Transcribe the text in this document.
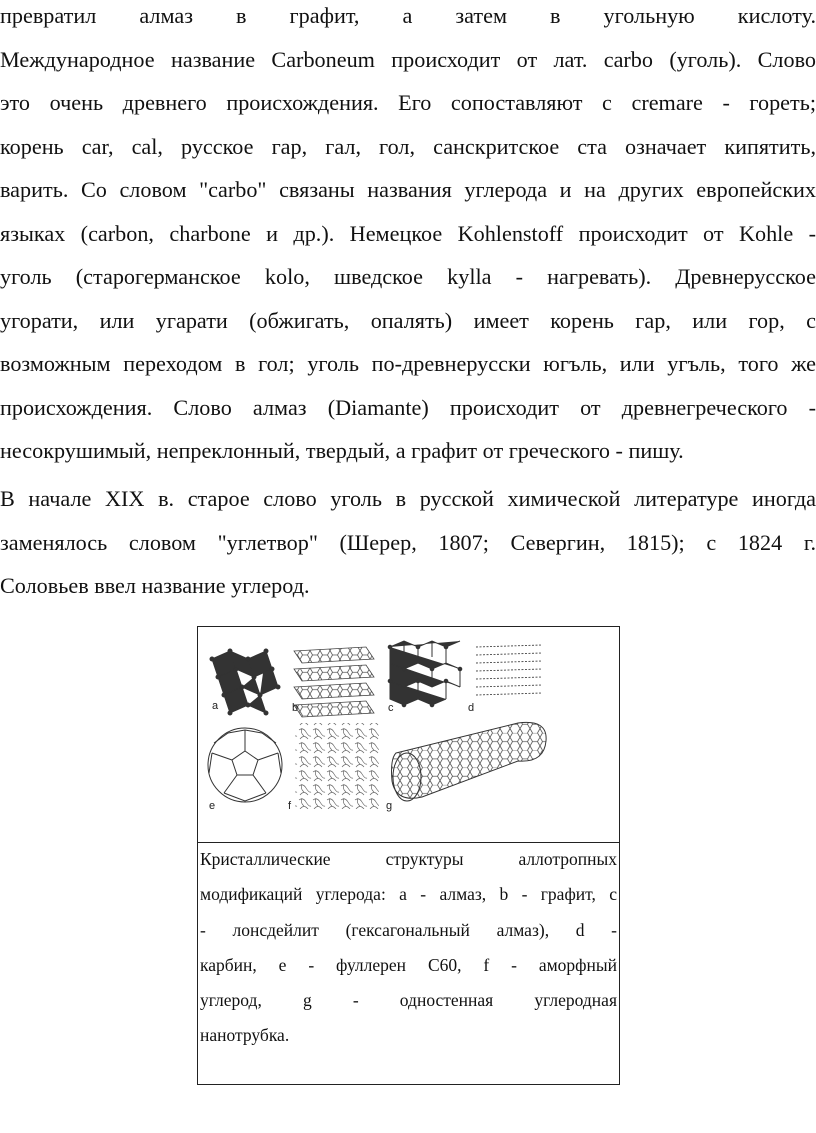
превратил алмаз в графит, а затем в угольную кислоту.
Международное название Carboneum происходит от лат. carbo (уголь). Слово
это очень древнего происхождения. Его сопоставляют с cremare - гореть;
корень car, cal, русское гар, гал, гол, санскритское ста означает кипятить,
варить. Со словом "carbo" связаны названия углерода и на других европейских
языках (carbon, charbone и др.). Немецкое Kohlenstoff происходит от Kohle -
уголь (старогерманское kolo, шведское kylla - нагревать). Древнерусское
угорати, или угарати (обжигать, опалять) имеет корень гар, или гор, с
возможным переходом в гол; уголь по-древнерусски югъль, или угъль, того же
происхождения. Слово алмаз (Diamante) происходит от древнегреческого -
несокрушимый, непреклонный, твердый, а графит от греческого - пишу.

В начале XIX в. старое слово уголь в русской химической литературе иногда
заменялось словом "углетвор" (Шерер, 1807; Севергин, 1815); с 1824 г.
Соловьев ввел название углерод.

a	b	c	d
e	f	g

Кристаллические структуры аллотропных
модификаций углерода: а - алмаз, b - графит, c
- лонсдейлит (гексагональный алмаз), d -
карбин, e - фуллерен С60, f - аморфный
углерод, g - одностенная углеродная
нанотрубка.
